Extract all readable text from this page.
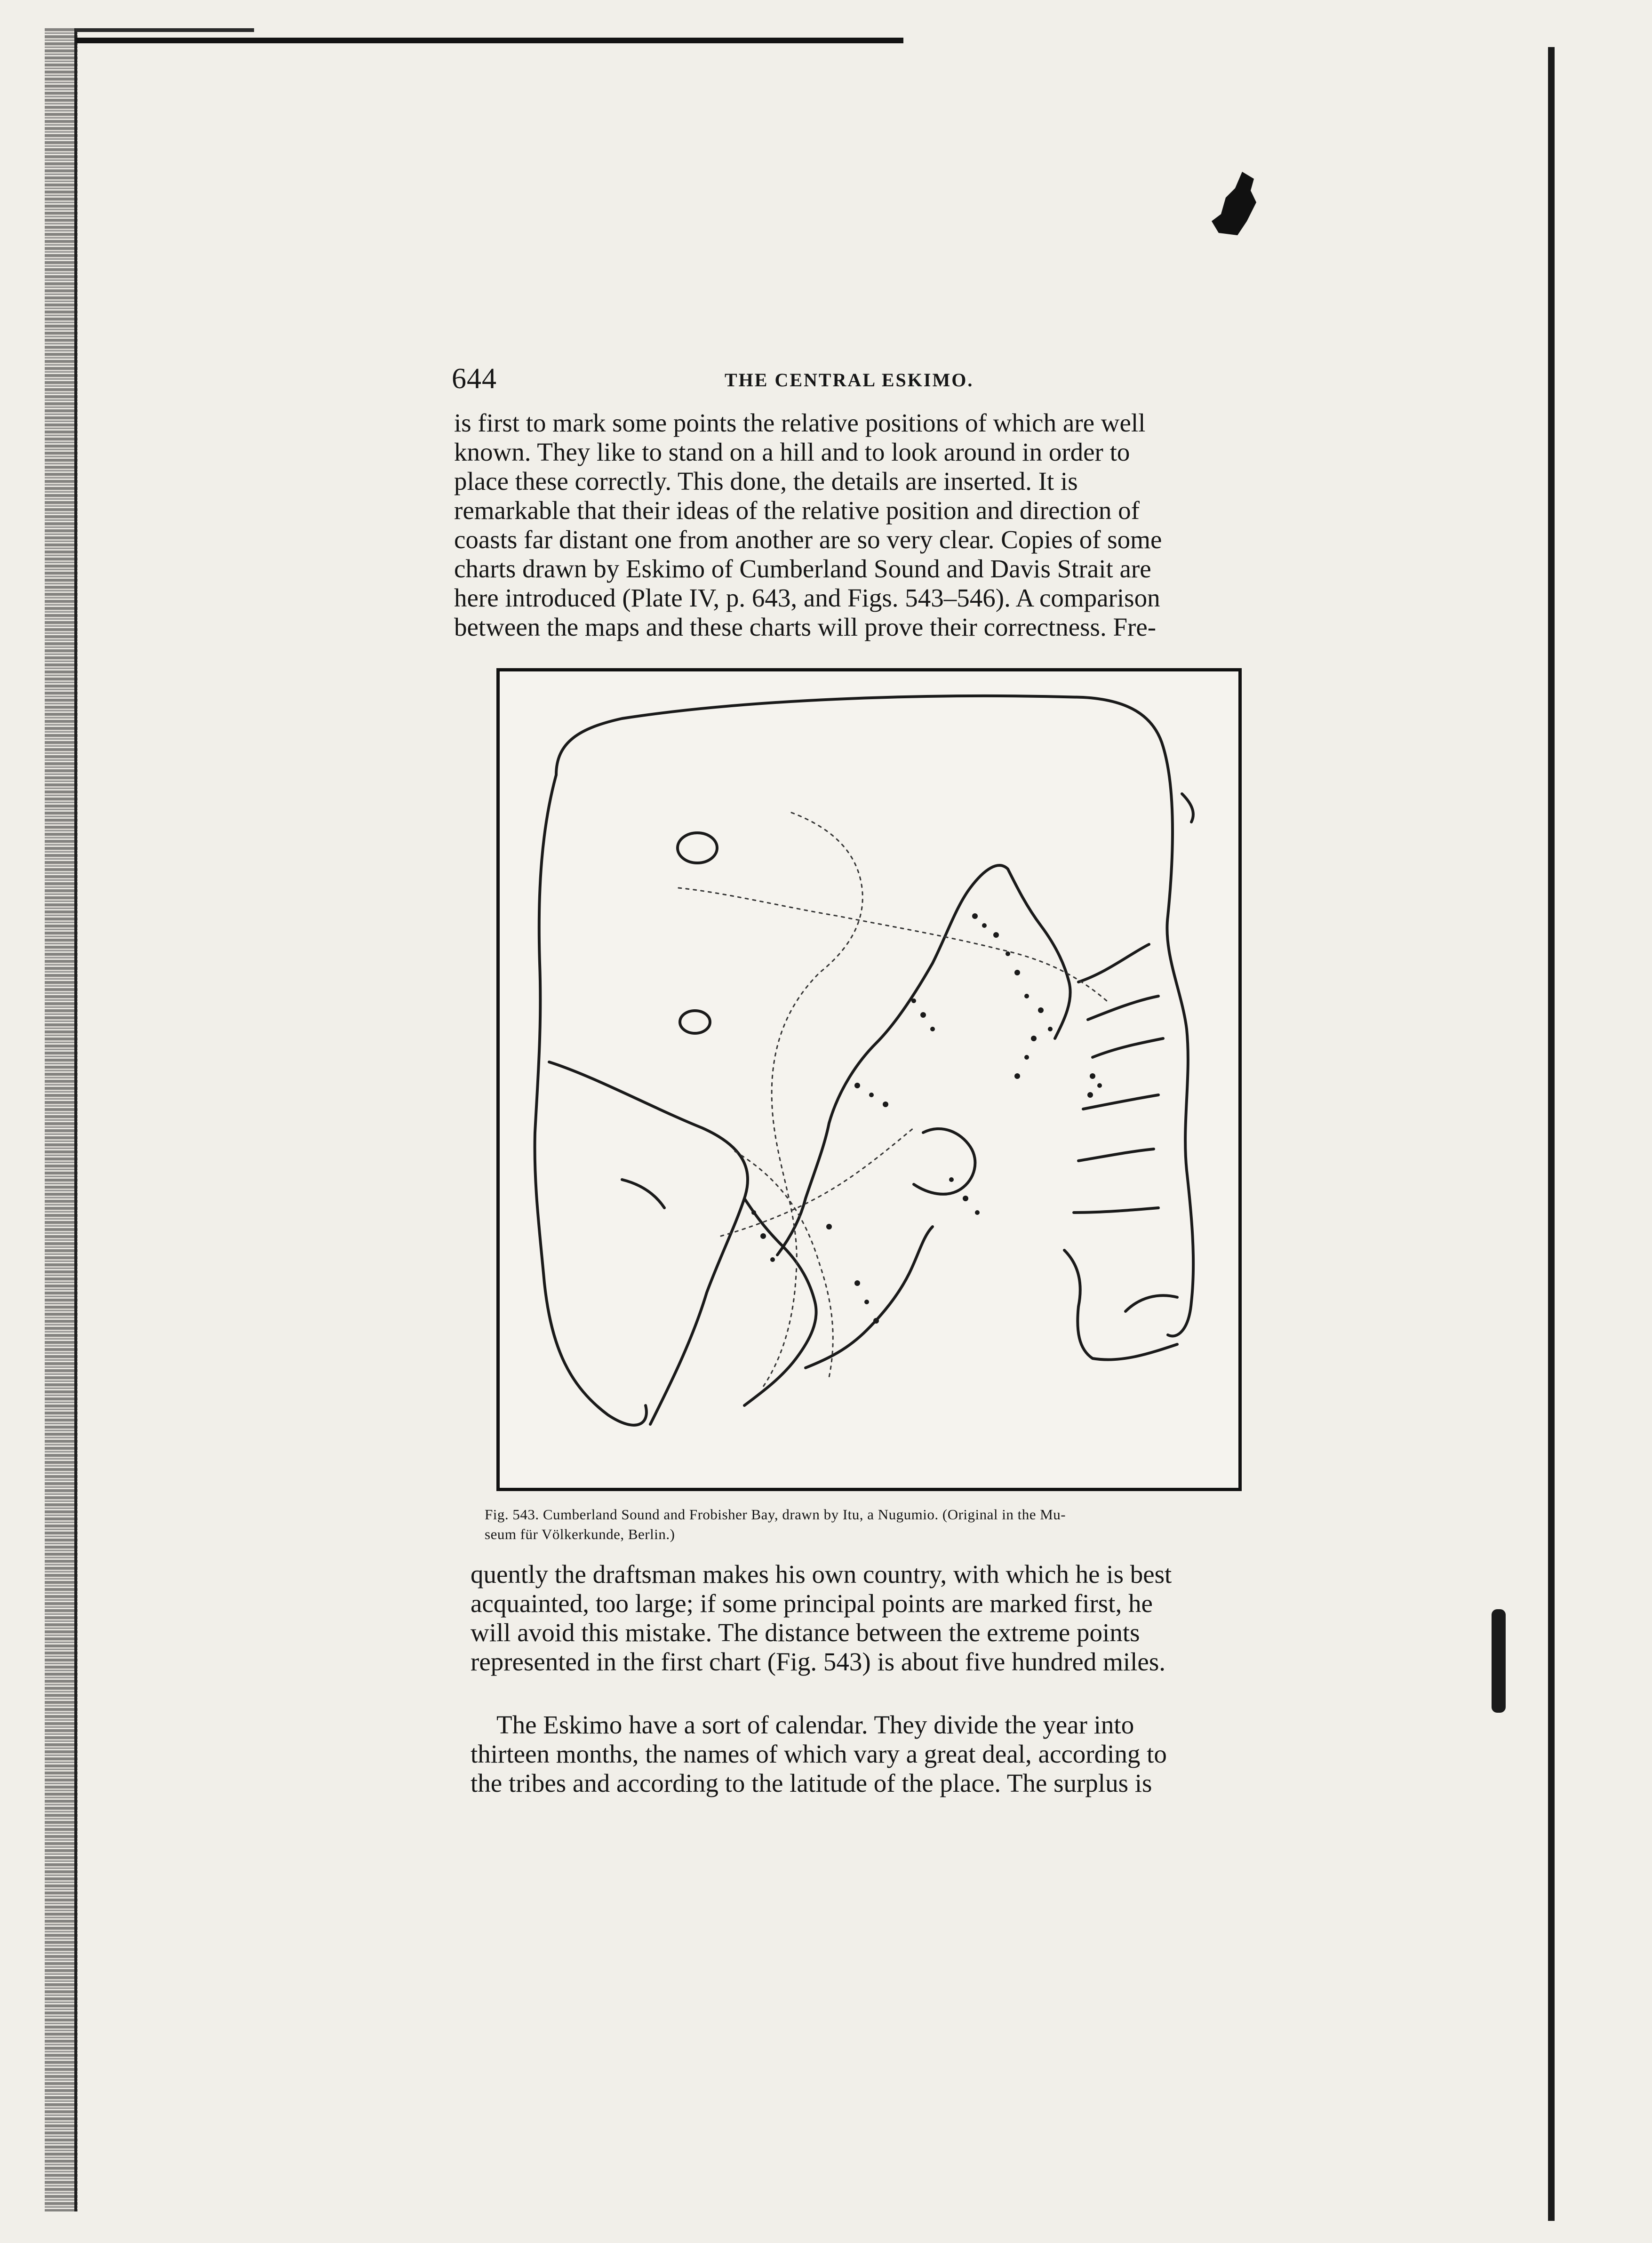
644	THE CENTRAL ESKIMO.

is first to mark some points the relative positions of which are well
known. They like to stand on a hill and to look around in order to
place these correctly. This done, the details are inserted. It is
remarkable that their ideas of the relative position and direction of
coasts far distant one from another are so very clear. Copies of some
charts drawn by Eskimo of Cumberland Sound and Davis Strait are
here introduced (Plate IV, p. 643, and Figs. 543–546). A comparison
between the maps and these charts will prove their correctness. Fre-

Fig. 543. Cumberland Sound and Frobisher Bay, drawn by Itu, a Nugumio. (Original in the Mu-
seum für Völkerkunde, Berlin.)

quently the draftsman makes his own country, with which he is best
acquainted, too large; if some principal points are marked first, he
will avoid this mistake. The distance between the extreme points
represented in the first chart (Fig. 543) is about five hundred miles.

The Eskimo have a sort of calendar. They divide the year into
thirteen months, the names of which vary a great deal, according to
the tribes and according to the latitude of the place. The surplus is
